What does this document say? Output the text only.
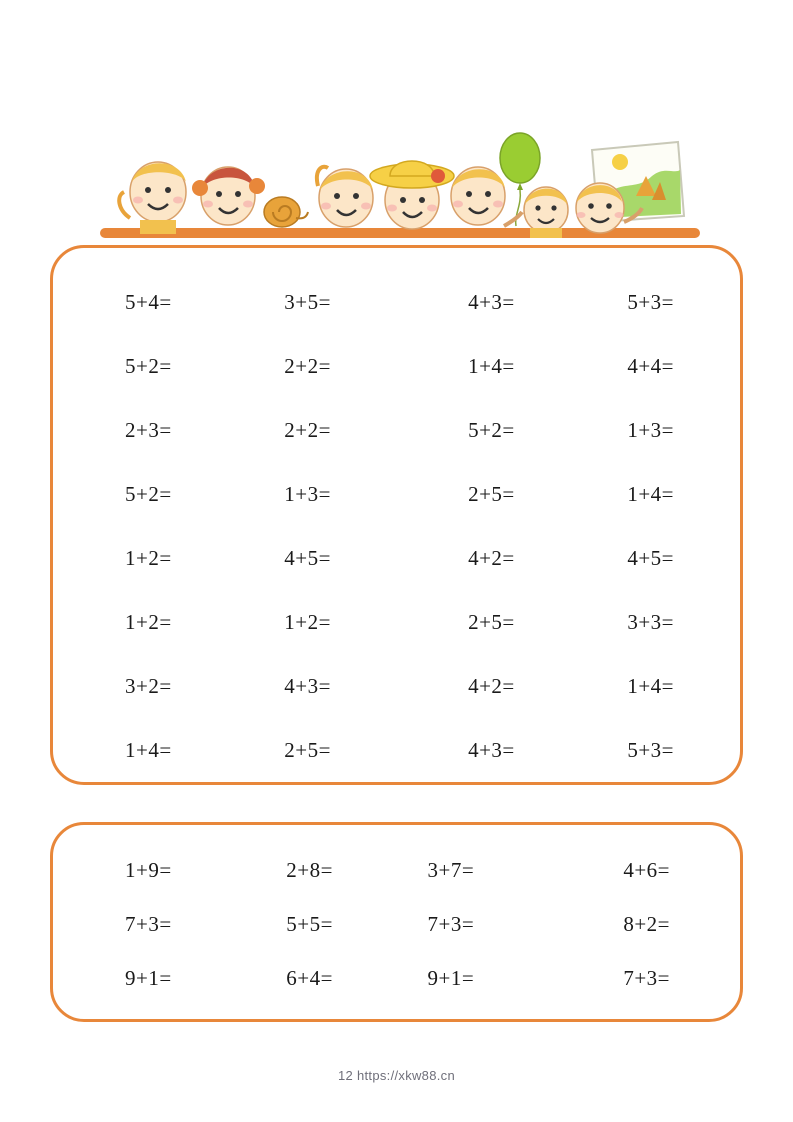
5+4=	3+5=	4+3=	5+3=
5+2=	2+2=	1+4=	4+4=
2+3=	2+2=	5+2=	1+3=
5+2=	1+3=	2+5=	1+4=
1+2=	4+5=	4+2=	4+5=
1+2=	1+2=	2+5=	3+3=
3+2=	4+3=	4+2=	1+4=
1+4=	2+5=	4+3=	5+3=
1+9=	2+8=	3+7=	4+6=
7+3=	5+5=	7+3=	8+2=
9+1=	6+4=	9+1=	7+3=
12 https://xkw88.cn
